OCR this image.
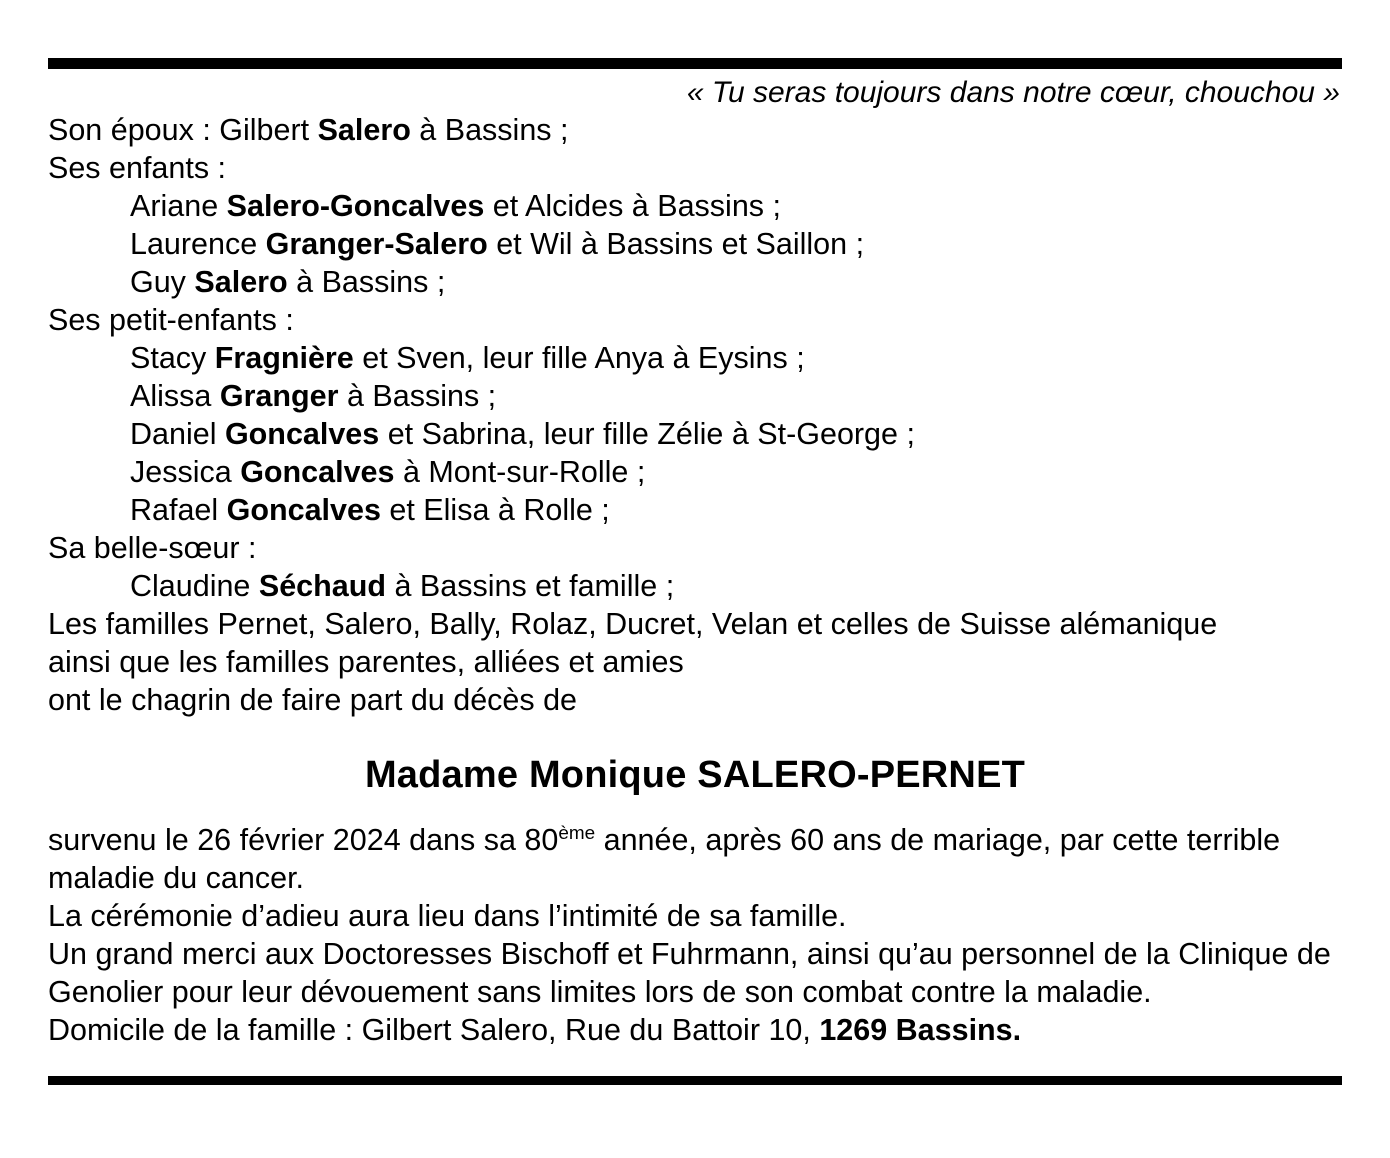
« Tu seras toujours dans notre cœur, chouchou »
Son époux : Gilbert Salero à Bassins ;
Ses enfants :
Ariane Salero-Goncalves et Alcides à Bassins ;
Laurence Granger-Salero et Wil à Bassins et Saillon ;
Guy Salero à Bassins ;
Ses petit-enfants :
Stacy Fragnière et Sven, leur fille Anya à Eysins ;
Alissa Granger à Bassins ;
Daniel Goncalves et Sabrina, leur fille Zélie à St-George ;
Jessica Goncalves à Mont-sur-Rolle ;
Rafael Goncalves et Elisa à Rolle ;
Sa belle-sœur :
Claudine Séchaud à Bassins et famille ;
Les familles Pernet, Salero, Bally, Rolaz, Ducret, Velan et celles de Suisse alémanique
ainsi que les familles parentes, alliées et amies
ont le chagrin de faire part du décès de
Madame Monique SALERO-PERNET
survenu le 26 février 2024 dans sa 80ème année, après 60 ans de mariage, par cette terrible maladie du cancer.
La cérémonie d’adieu aura lieu dans l’intimité de sa famille.
Un grand merci aux Doctoresses Bischoff et Fuhrmann, ainsi qu’au personnel de la Clinique de Genolier pour leur dévouement sans limites lors de son combat contre la maladie.
Domicile de la famille : Gilbert Salero, Rue du Battoir 10, 1269 Bassins.
